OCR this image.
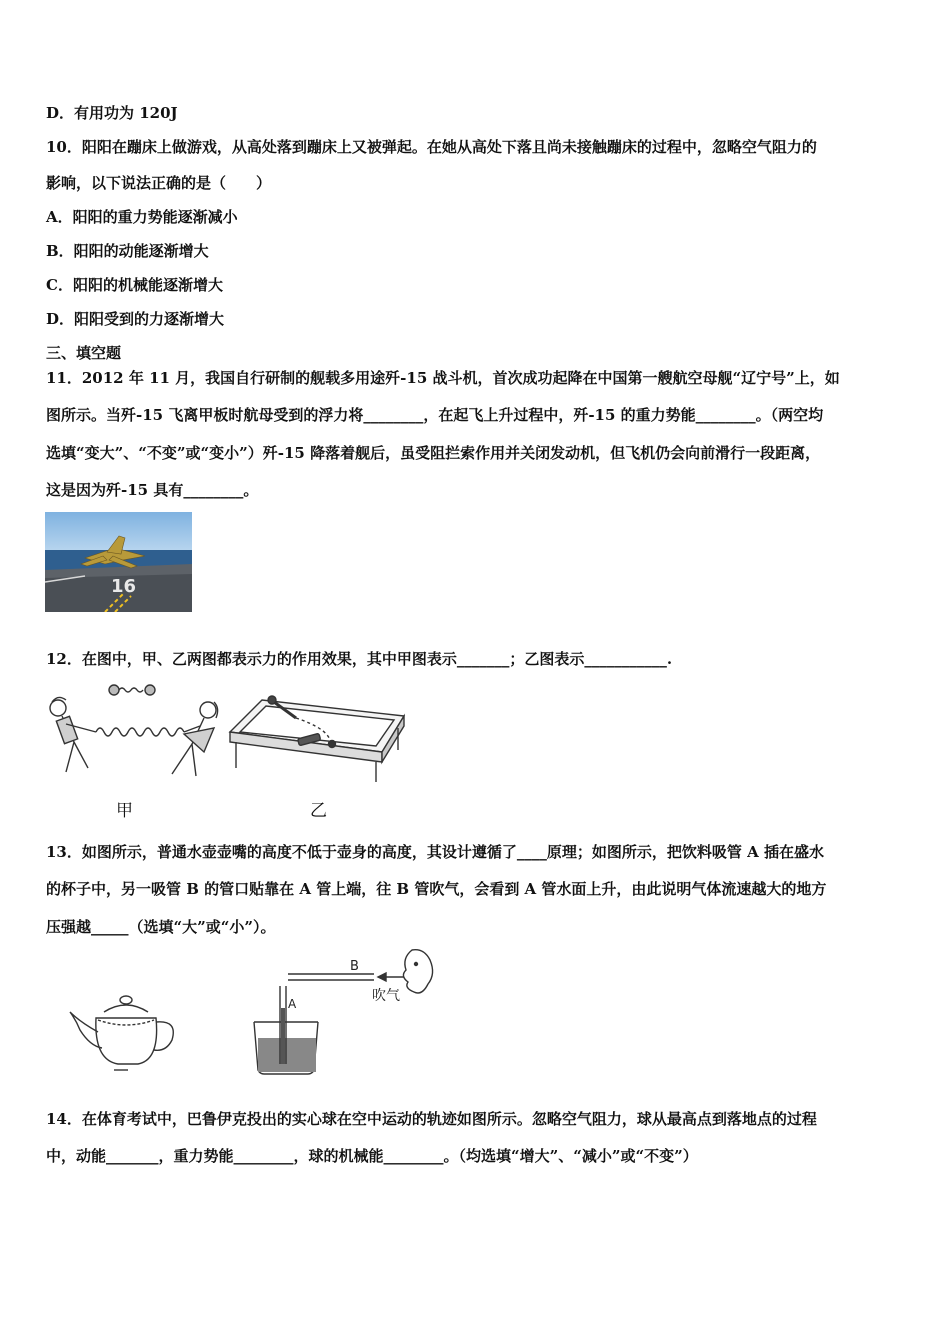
D．有用功为 120J
10．阳阳在蹦床上做游戏，从高处落到蹦床上又被弹起。在她从高处下落且尚未接触蹦床的过程中，忽略空气阻力的
影响，以下说法正确的是（　　）
A．阳阳的重力势能逐渐减小
B．阳阳的动能逐渐增大
C．阳阳的机械能逐渐增大
D．阳阳受到的力逐渐增大
三、填空题
11．2012 年 11 月，我国自行研制的舰载多用途歼-15 战斗机，首次成功起降在中国第一艘航空母舰“辽宁号”上，如
图所示。当歼-15 飞离甲板时航母受到的浮力将________，在起飞上升过程中，歼-15 的重力势能________。（两空均
选填“变大”、“不变”或“变小”）歼-15 降落着舰后，虽受阻拦索作用并关闭发动机，但飞机仍会向前滑行一段距离，
这是因为歼-15 具有________。
16
12．在图中，甲、乙两图都表示力的作用效果，其中甲图表示_______；乙图表示___________.
甲	乙
13．如图所示，普通水壶壶嘴的高度不低于壶身的高度，其设计遵循了____原理；如图所示，把饮料吸管 A 插在盛水
的杯子中，另一吸管 B 的管口贴靠在 A 管上端，往 B 管吹气，会看到 A 管水面上升，由此说明气体流速越大的地方
压强越_____（选填“大”或“小”）。
A
B
吹气
14．在体育考试中，巴鲁伊克投出的实心球在空中运动的轨迹如图所示。忽略空气阻力，球从最高点到落地点的过程
中，动能_______，重力势能________，球的机械能________。（均选填“增大”、“减小”或“不变”）
